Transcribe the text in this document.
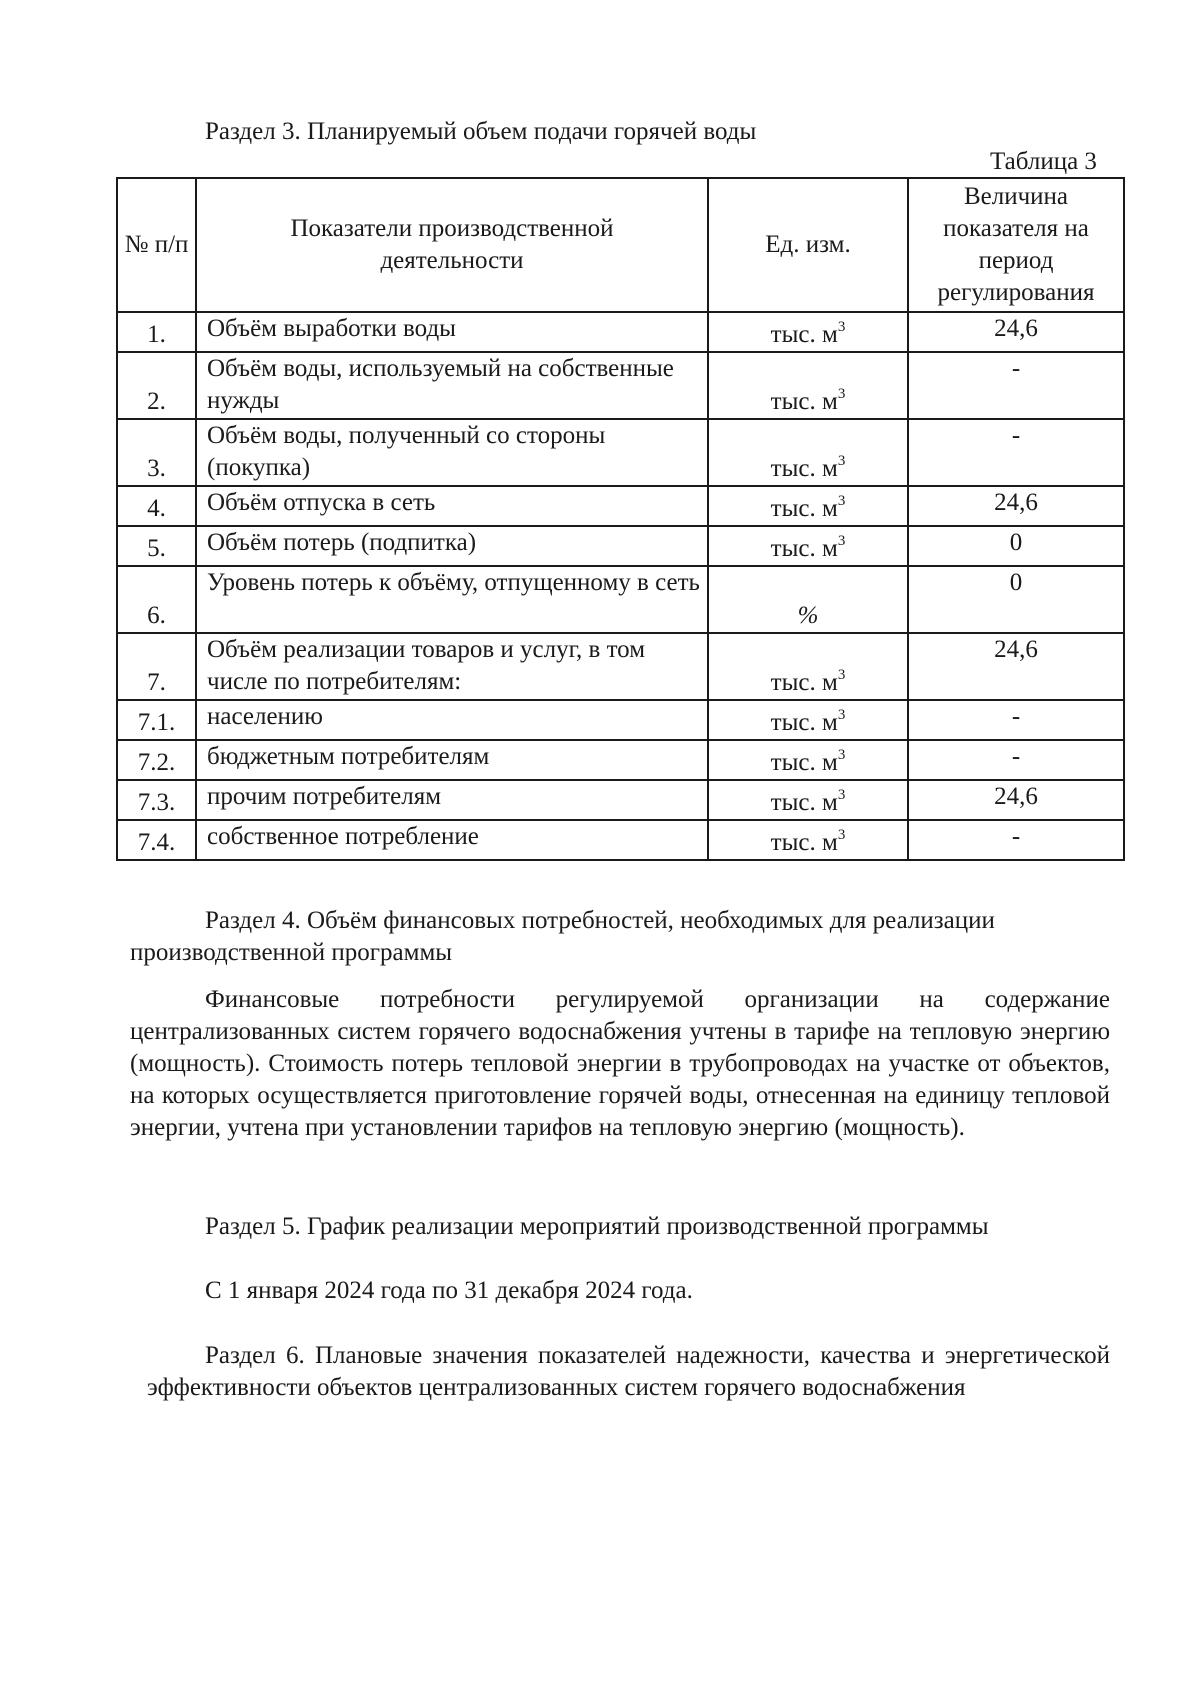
Раздел 3. Планируемый объем подачи горячей воды

Таблица 3

№ п/п	Показатели производственной деятельности	Ед. изм.	Величина показателя на период регулирования
1.	Объём выработки воды	тыс. $м^3$	24,6
2.	Объём воды, используемый на собственные нужды	тыс. $м^3$	-
3.	Объём воды, полученный со стороны (покупка)	тыс. $м^3$	-
4.	Объём отпуска в сеть	тыс. $м^3$	24,6
5.	Объём потерь (подпитка)	тыс. $м^3$	0
6.	Уровень потерь к объёму, отпущенному в сеть	%	0
7.	Объём реализации товаров и услуг, в том числе по потребителям:	тыс. $м^3$	24,6
7.1.	населению	тыс. $м^3$	-
7.2.	бюджетным потребителям	тыс. $м^3$	-
7.3.	прочим потребителям	тыс. $м^3$	24,6
7.4.	собственное потребление	тыс. $м^3$	-

Раздел 4. Объём финансовых потребностей, необходимых для реализации производственной программы

Финансовые потребности регулируемой организации на содержание централизованных систем горячего водоснабжения учтены в тарифе на тепловую энергию (мощность). Стоимость потерь тепловой энергии в трубопроводах на участке от объектов, на которых осуществляется приготовление горячей воды, отнесенная на единицу тепловой энергии, учтена при установлении тарифов на тепловую энергию (мощность).

Раздел 5. График реализации мероприятий производственной программы

С 1 января 2024 года по 31 декабря 2024 года.

Раздел 6. Плановые значения показателей надежности, качества и энергетической эффективности объектов централизованных систем горячего водоснабжения
